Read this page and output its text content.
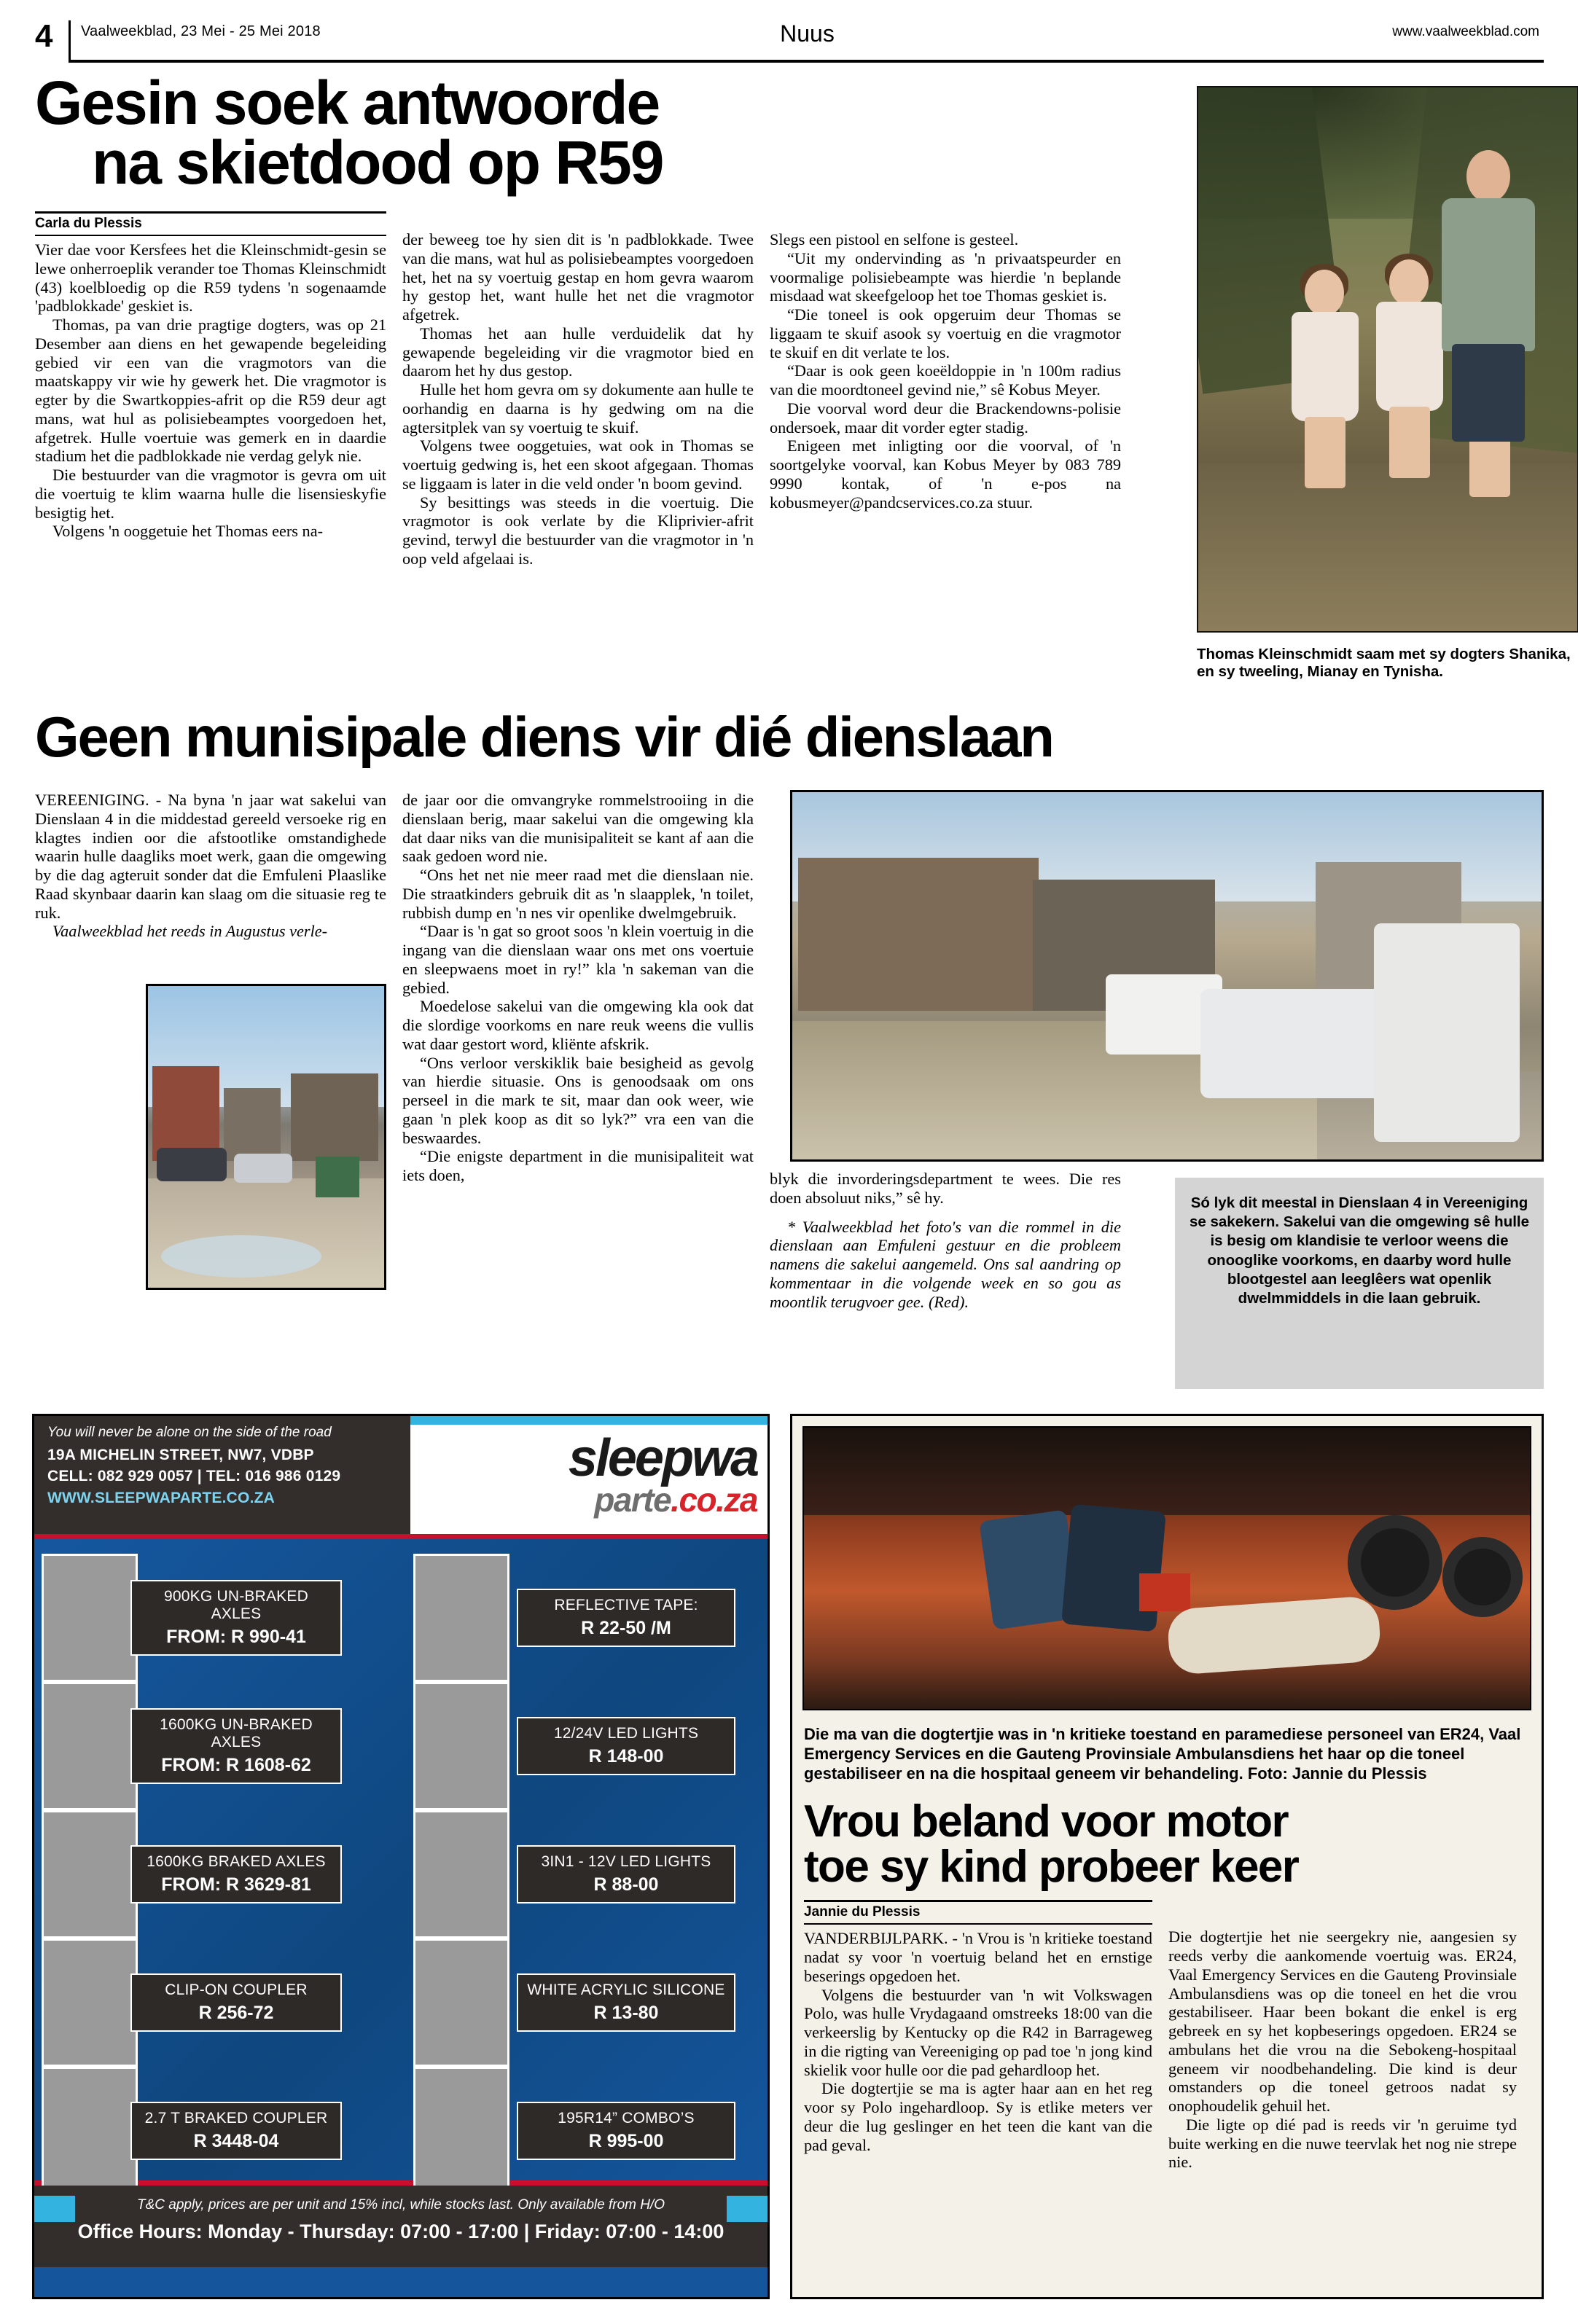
4	Vaalweekblad, 23 Mei - 25 Mei 2018	www.vaalweekblad.com
Nuus
Gesin soek antwoorde
na skietdood op R59
Carla du Plessis

Vier dae voor Kersfees het die Kleinschmidt-gesin se lewe onherroeplik verander toe Thomas Kleinschmidt (43) koelbloedig op die R59 tydens 'n sogenaamde 'padblokkade' geskiet is.

Thomas, pa van drie pragtige dogters, was op 21 Desember aan diens en het gewapende begeleiding gebied vir een van die vragmotors van die maatskappy vir wie hy gewerk het. Die vragmotor is egter by die Swartkoppies-afrit op die R59 deur agt mans, wat hul as polisiebeamptes voorgedoen het, afgetrek. Hulle voertuie was gemerk en in daardie stadium het die padblokkade nie verdag gelyk nie.

Die bestuurder van die vragmotor is gevra om uit die voertuig te klim waarna hulle die lisensieskyfie besigtig het.

Volgens 'n ooggetuie het Thomas eers na-

der beweeg toe hy sien dit is 'n padblokkade. Twee van die mans, wat hul as polisiebeamptes voorgedoen het, het na sy voertuig gestap en hom gevra waarom hy gestop het, want hulle het net die vragmotor afgetrek.

Thomas het aan hulle verduidelik dat hy gewapende begeleiding vir die vragmotor bied en daarom het hy dus gestop.

Hulle het hom gevra om sy dokumente aan hulle te oorhandig en daarna is hy gedwing om na die agtersitplek van sy voertuig te skuif.

Volgens twee ooggetuies, wat ook in Thomas se voertuig gedwing is, het een skoot afgegaan. Thomas se liggaam is later in die veld onder 'n boom gevind.

Sy besittings was steeds in die voertuig. Die vragmotor is ook verlate by die Kliprivier-afrit gevind, terwyl die bestuurder van die vragmotor in 'n oop veld afgelaai is.

Slegs een pistool en selfone is gesteel.

“Uit my ondervinding as 'n privaatspeurder en voormalige polisiebeampte was hierdie 'n beplande misdaad wat skeefgeloop het toe Thomas geskiet is.

“Die toneel is ook opgeruim deur Thomas se liggaam te skuif asook sy voertuig en die vragmotor te skuif en dit verlate te los.

“Daar is ook geen koeëldoppie in 'n 100m radius van die moordtoneel gevind nie,” sê Kobus Meyer.

Die voorval word deur die Brackendowns-polisie ondersoek, maar dit vorder egter stadig.

Enigeen met inligting oor die voorval, of 'n soortgelyke voorval, kan Kobus Meyer by 083 789 9990 kontak, of 'n e-pos na kobusmeyer@pandcservices.co.za stuur.

Thomas Kleinschmidt saam met sy dogters Shanika, en sy tweeling, Mianay en Tynisha.
Geen munisipale diens vir dié dienslaan

VEREENIGING. - Na byna 'n jaar wat sakelui van Dienslaan 4 in die middestad gereeld versoeke rig en klagtes indien oor die afstootlike omstandighede waarin hulle daagliks moet werk, gaan die omgewing by die dag agteruit sonder dat die Emfuleni Plaaslike Raad skynbaar daarin kan slaag om die situasie reg te ruk.

Vaalweekblad het reeds in Augustus verle-

de jaar oor die omvangryke rommelstrooiing in die dienslaan berig, maar sakelui van die omgewing kla dat daar niks van die munisipaliteit se kant af aan die saak gedoen word nie.

“Ons het net nie meer raad met die dienslaan nie. Die straatkinders gebruik dit as 'n slaapplek, 'n toilet, rubbish dump en 'n nes vir openlike dwelmgebruik.

“Daar is 'n gat so groot soos 'n klein voertuig in die ingang van die dienslaan waar ons met ons voertuie en sleepwaens moet in ry!” kla 'n sakeman van die gebied.

Moedelose sakelui van die omgewing kla ook dat die slordige voorkoms en nare reuk weens die vullis wat daar gestort word, kliënte afskrik.

“Ons verloor verskiklik baie besigheid as gevolg van hierdie situasie. Ons is genoodsaak om ons perseel in die mark te sit, maar dan ook weer, wie gaan 'n plek koop as dit so lyk?” vra een van die beswaardes.

“Die enigste department in die munisipaliteit wat iets doen,	blyk die invorderingsdepartment te wees. Die res doen absoluut niks,” sê hy.

* Vaalweekblad het foto's van die rommel in die dienslaan aan Emfuleni gestuur en die probleem namens die sakelui aangemeld. Ons sal aandring op kommentaar in die volgende week en so gou as moontlik terugvoer gee. (Red).

Só lyk dit meestal in Dienslaan 4 in Vereeniging se sakekern. Sakelui van die omgewing sê hulle is besig om klandisie te verloor weens die onooglike voorkoms, en daarby word hulle blootgestel aan leeglêers wat openlik dwelmmiddels in die laan gebruik.
You will never be alone on the side of the road
19A MICHELIN STREET, NW7, VDBP
CELL: 082 929 0057 | TEL: 016 986 0129
WWW.SLEEPWAPARTE.CO.ZA
sleepwa
parte.co.za
900KG UN-BRAKED AXLES
FROM: R 990-41
REFLECTIVE TAPE:
R 22-50 /M
1600KG UN-BRAKED AXLES
FROM: R 1608-62
12/24V LED LIGHTS
R 148-00
1600KG BRAKED AXLES
FROM: R 3629-81
3IN1 - 12V LED LIGHTS
R 88-00
CLIP-ON COUPLER
R 256-72
WHITE ACRYLIC SILICONE
R 13-80
2.7 T BRAKED COUPLER
R 3448-04
195R14” COMBO’S
R 995-00
T&C apply, prices are per unit and 15% incl, while stocks last. Only available from H/O
Office Hours: Monday - Thursday: 07:00 - 17:00 | Friday: 07:00 - 14:00
Die ma van die dogtertjie was in 'n kritieke toestand en paramediese personeel van ER24, Vaal Emergency Services en die Gauteng Provinsiale Ambulansdiens het haar op die toneel gestabiliseer en na die hospitaal geneem vir behandeling. Foto: Jannie du Plessis
Vrou beland voor motor
toe sy kind probeer keer
Jannie du Plessis

VANDERBIJLPARK. - 'n Vrou is 'n kritieke toestand nadat sy voor 'n voertuig beland het en ernstige beserings opgedoen het.

Volgens die bestuurder van 'n wit Volkswagen Polo, was hulle Vrydagaand omstreeks 18:00 van die verkeerslig by Kentucky op die R42 in Barrageweg in die rigting van Vereeniging op pad toe 'n jong kind skielik voor hulle oor die pad gehardloop het.

Die dogtertjie se ma is agter haar aan en het reg voor sy Polo ingehardloop. Sy is etlike meters ver deur die lug geslinger en het teen die kant van die pad geval.

Die dogtertjie het nie seergekry nie, aangesien sy reeds verby die aankomende voertuig was. ER24, Vaal Emergency Services en die Gauteng Provinsiale Ambulansdiens was op die toneel en het die vrou gestabiliseer. Haar been bokant die enkel is erg gebreek en sy het kopbeserings opgedoen. ER24 se ambulans het die vrou na die Sebokeng-hospitaal geneem vir noodbehandeling. Die kind is deur omstanders op die toneel getroos nadat sy onophoudelik gehuil het.

Die ligte op dié pad is reeds vir 'n geruime tyd buite werking en die nuwe teervlak het nog nie strepe nie.
